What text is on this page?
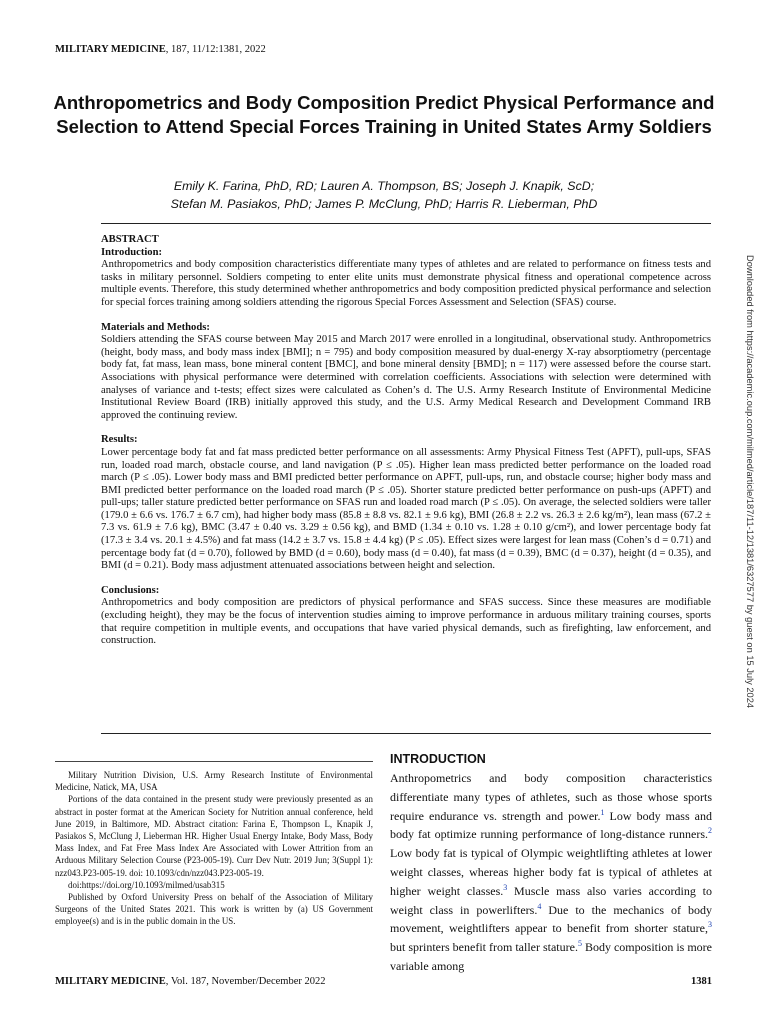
MILITARY MEDICINE, 187, 11/12:1381, 2022
Anthropometrics and Body Composition Predict Physical Performance and Selection to Attend Special Forces Training in United States Army Soldiers
Emily K. Farina, PhD, RD; Lauren A. Thompson, BS; Joseph J. Knapik, ScD;
Stefan M. Pasiakos, PhD; James P. McClung, PhD; Harris R. Lieberman, PhD
ABSTRACT
Introduction:

Anthropometrics and body composition characteristics differentiate many types of athletes and are related to performance on fitness tests and tasks in military personnel. Soldiers competing to enter elite units must demonstrate physical fitness and operational competence across multiple events. Therefore, this study determined whether anthropometrics and body composition predicted physical performance and selection for special forces training among soldiers attending the rigorous Special Forces Assessment and Selection (SFAS) course.

Materials and Methods:

Soldiers attending the SFAS course between May 2015 and March 2017 were enrolled in a longitudinal, observational study. Anthropometrics (height, body mass, and body mass index [BMI]; n = 795) and body composition measured by dual-energy X-ray absorptiometry (percentage body fat, fat mass, lean mass, bone mineral content [BMC], and bone mineral density [BMD]; n = 117) were assessed before the course start. Associations with physical performance were determined with correlation coefficients. Associations with selection were determined with analyses of variance and t-tests; effect sizes were calculated as Cohen’s d. The U.S. Army Research Institute of Environmental Medicine Institutional Review Board (IRB) initially approved this study, and the U.S. Army Medical Research and Development Command IRB approved the continuing review.

Results:

Lower percentage body fat and fat mass predicted better performance on all assessments: Army Physical Fitness Test (APFT), pull-ups, SFAS run, loaded road march, obstacle course, and land navigation (P ≤ .05). Higher lean mass predicted better performance on the loaded road march (P ≤ .05). Lower body mass and BMI predicted better performance on APFT, pull-ups, run, and obstacle course; higher body mass and BMI predicted better performance on the loaded road march (P ≤ .05). Shorter stature predicted better performance on push-ups (APFT) and pull-ups; taller stature predicted better performance on SFAS run and loaded road march (P ≤ .05). On average, the selected soldiers were taller (179.0 ± 6.6 vs. 176.7 ± 6.7 cm), had higher body mass (85.8 ± 8.8 vs. 82.1 ± 9.6 kg), BMI (26.8 ± 2.2 vs. 26.3 ± 2.6 kg/m²), lean mass (67.2 ± 7.3 vs. 61.9 ± 7.6 kg), BMC (3.47 ± 0.40 vs. 3.29 ± 0.56 kg), and BMD (1.34 ± 0.10 vs. 1.28 ± 0.10 g/cm²), and lower percentage body fat (17.3 ± 3.4 vs. 20.1 ± 4.5%) and fat mass (14.2 ± 3.7 vs. 15.8 ± 4.4 kg) (P ≤ .05). Effect sizes were largest for lean mass (Cohen’s d = 0.71) and percentage body fat (d = 0.70), followed by BMD (d = 0.60), body mass (d = 0.40), fat mass (d = 0.39), BMC (d = 0.37), height (d = 0.35), and BMI (d = 0.21). Body mass adjustment attenuated associations between height and selection.

Conclusions:

Anthropometrics and body composition are predictors of physical performance and SFAS success. Since these measures are modifiable (excluding height), they may be the focus of intervention studies aiming to improve performance in arduous military training courses, sports that require competition in multiple events, and occupations that have varied physical demands, such as firefighting, law enforcement, and construction.	Downloaded from https://academic.oup.com/milmed/article/187/11-12/1381/6327577 by guest on 15 July 2024

Military Nutrition Division, U.S. Army Research Institute of Environmental Medicine, Natick, MA, USA

Portions of the data contained in the present study were previously presented as an abstract in poster format at the American Society for Nutrition annual conference, held June 2019, in Baltimore, MD. Abstract citation: Farina E, Thompson L, Knapik J, Pasiakos S, McClung J, Lieberman HR. Higher Usual Energy Intake, Body Mass, Body Mass Index, and Fat Free Mass Index Are Associated with Lower Attrition from an Arduous Military Selection Course (P23-005-19). Curr Dev Nutr. 2019 Jun; 3(Suppl 1): nzz043.P23-005-19. doi: 10.1093/cdn/nzz043.P23-005-19.

doi:https://doi.org/10.1093/milmed/usab315

Published by Oxford University Press on behalf of the Association of Military Surgeons of the United States 2021. This work is written by (a) US Government employee(s) and is in the public domain in the US.

INTRODUCTION

Anthropometrics and body composition characteristics differentiate many types of athletes, such as those whose sports require endurance vs. strength and power.$^1$ Low body mass and body fat optimize running performance of long-distance runners.$^2$ Low body fat is typical of Olympic weightlifting athletes at lower weight classes, whereas higher body fat is typical of athletes at higher weight classes.$^3$ Muscle mass also varies according to weight class in powerlifters.$^4$ Due to the mechanics of body movement, weightlifters appear to benefit from shorter stature,$^3$ but sprinters benefit from taller stature.$^5$ Body composition is more variable among

MILITARY MEDICINE, Vol. 187, November/December 2022	1381
